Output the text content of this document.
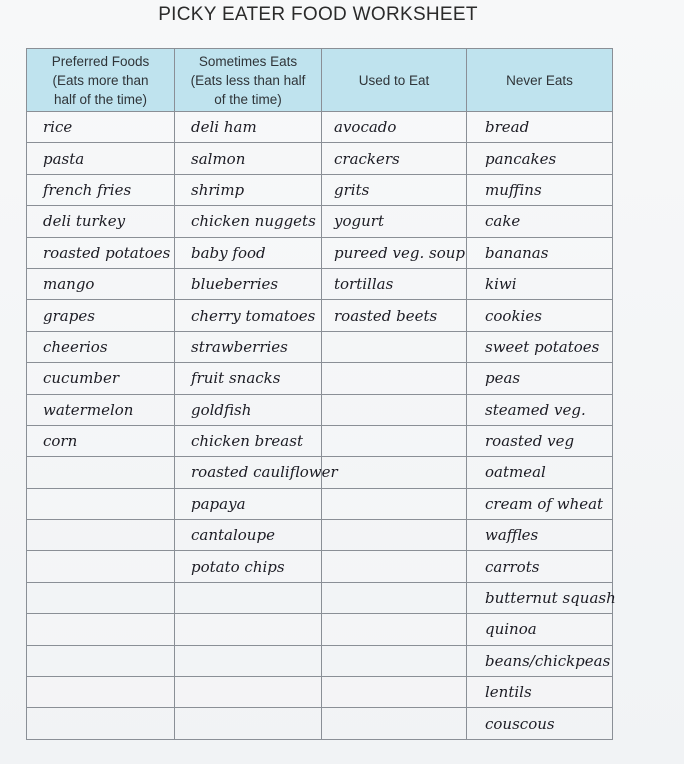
PICKY EATER FOOD WORKSHEET
Preferred Foods
(Eats more than
half of the time)	Sometimes Eats
(Eats less than half
of the time)	Used to Eat	Never Eats

rice	deli ham	avocado	bread
pasta	salmon	crackers	pancakes
french fries	shrimp	grits	muffins
deli turkey	chicken nuggets	yogurt	cake
roasted potatoes	baby food	pureed veg. soup	bananas
mango	blueberries	tortillas	kiwi
grapes	cherry tomatoes	roasted beets	cookies
cheerios	strawberries		sweet potatoes
cucumber	fruit snacks		peas
watermelon	goldfish		steamed veg.
corn	chicken breast		roasted veg
	roasted cauliflower		oatmeal
	papaya		cream of wheat
	cantaloupe		waffles
	potato chips		carrots
			butternut squash
			quinoa
			beans/chickpeas
			lentils
			couscous
